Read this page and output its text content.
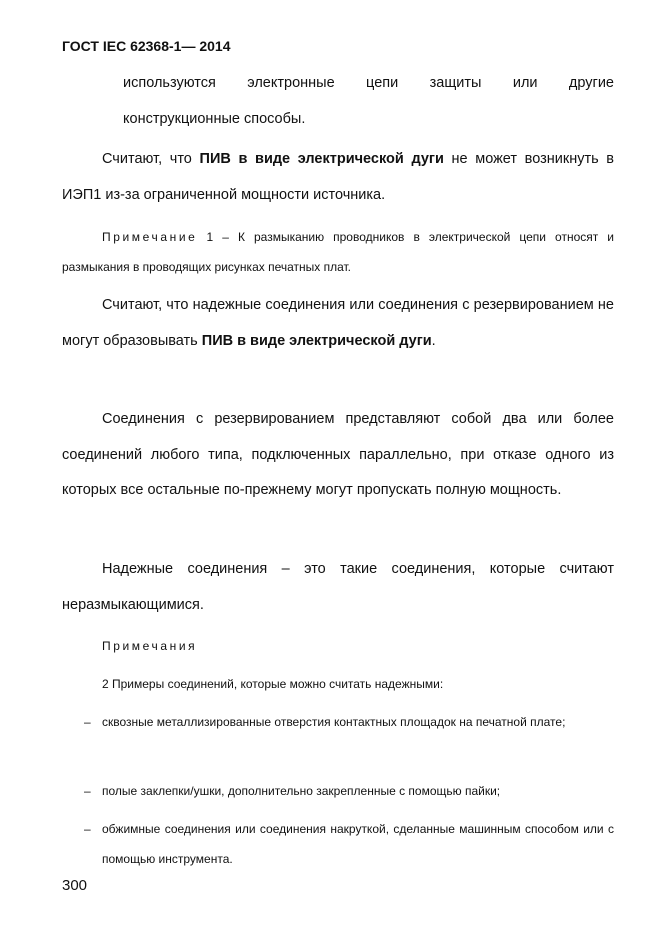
ГОСТ IEC 62368-1— 2014
используются электронные цепи защиты или другие
конструкционные способы.

Считают, что ПИВ в виде электрической дуги не может возникнуть в ИЭП1 из-за ограниченной мощности источника.

Примечание 1 – К размыканию проводников в электрической цепи относят и размыкания в проводящих рисунках печатных плат.

Считают, что надежные соединения или соединения с резервированием не могут образовывать ПИВ в виде электрической дуги.

Соединения с резервированием представляют собой два или более соединений любого типа, подключенных параллельно, при отказе одного из которых все остальные по-прежнему могут пропускать полную мощность.

Надежные соединения – это такие соединения, которые считают неразмыкающимися.

Примечания
2 Примеры соединений, которые можно считать надежными:
– сквозные металлизированные отверстия контактных площадок на печатной плате;

– полые заклепки/ушки, дополнительно закрепленные с помощью пайки;

– обжимные соединения или соединения накруткой, сделанные машинным способом или с помощью инструмента.

300
